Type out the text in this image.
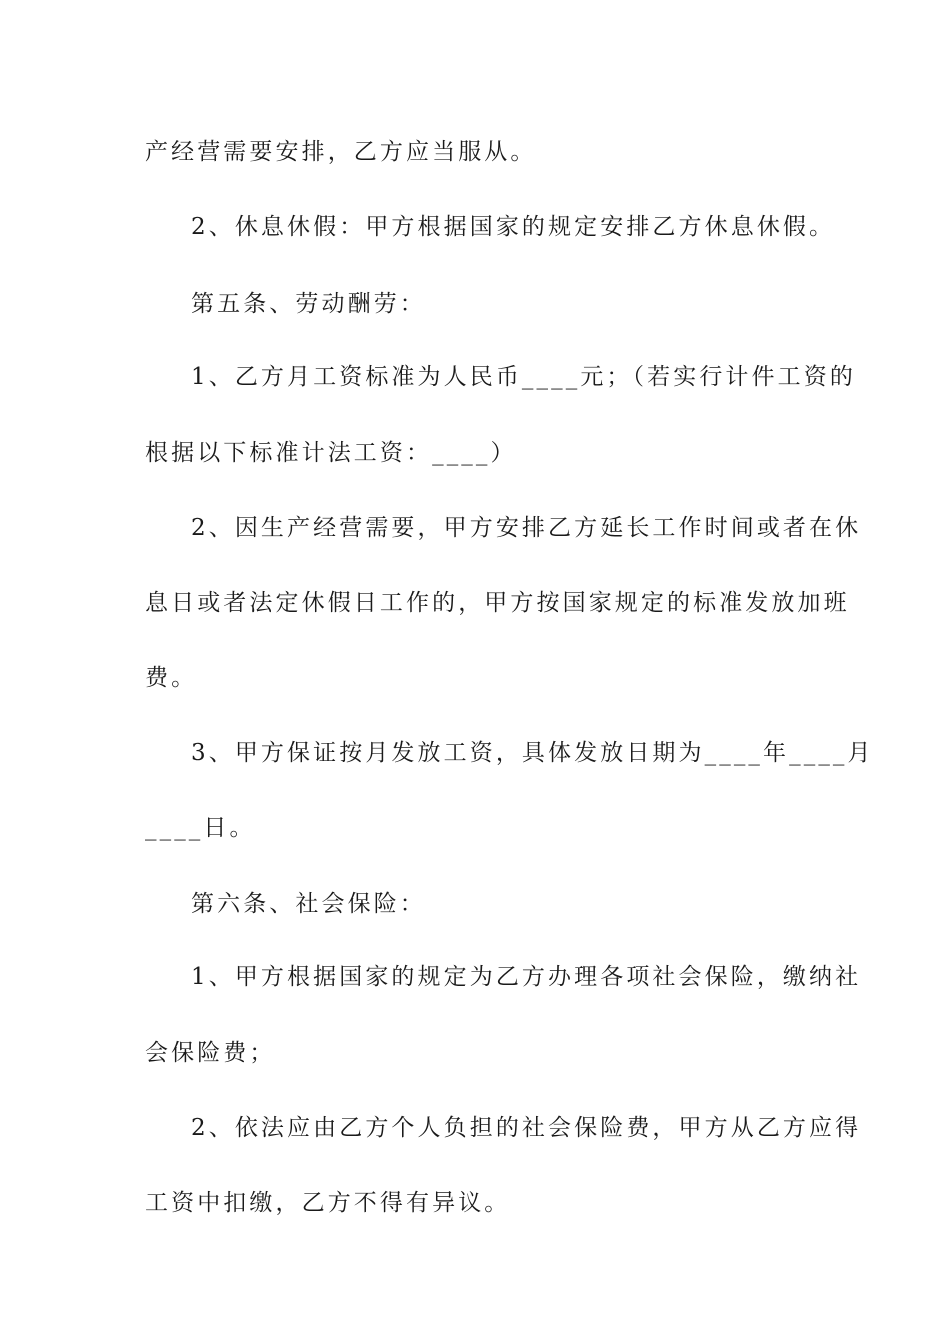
产经营需要安排，乙方应当服从。
2、休息休假：甲方根据国家的规定安排乙方休息休假。
第五条、劳动酬劳：
1、乙方月工资标准为人民币____元；（若实行计件工资的
根据以下标准计法工资：____）
2、因生产经营需要，甲方安排乙方延长工作时间或者在休
息日或者法定休假日工作的，甲方按国家规定的标准发放加班
费。
3、甲方保证按月发放工资，具体发放日期为____年____月
____日。
第六条、社会保险：
1、甲方根据国家的规定为乙方办理各项社会保险，缴纳社
会保险费；
2、依法应由乙方个人负担的社会保险费，甲方从乙方应得
工资中扣缴，乙方不得有异议。
